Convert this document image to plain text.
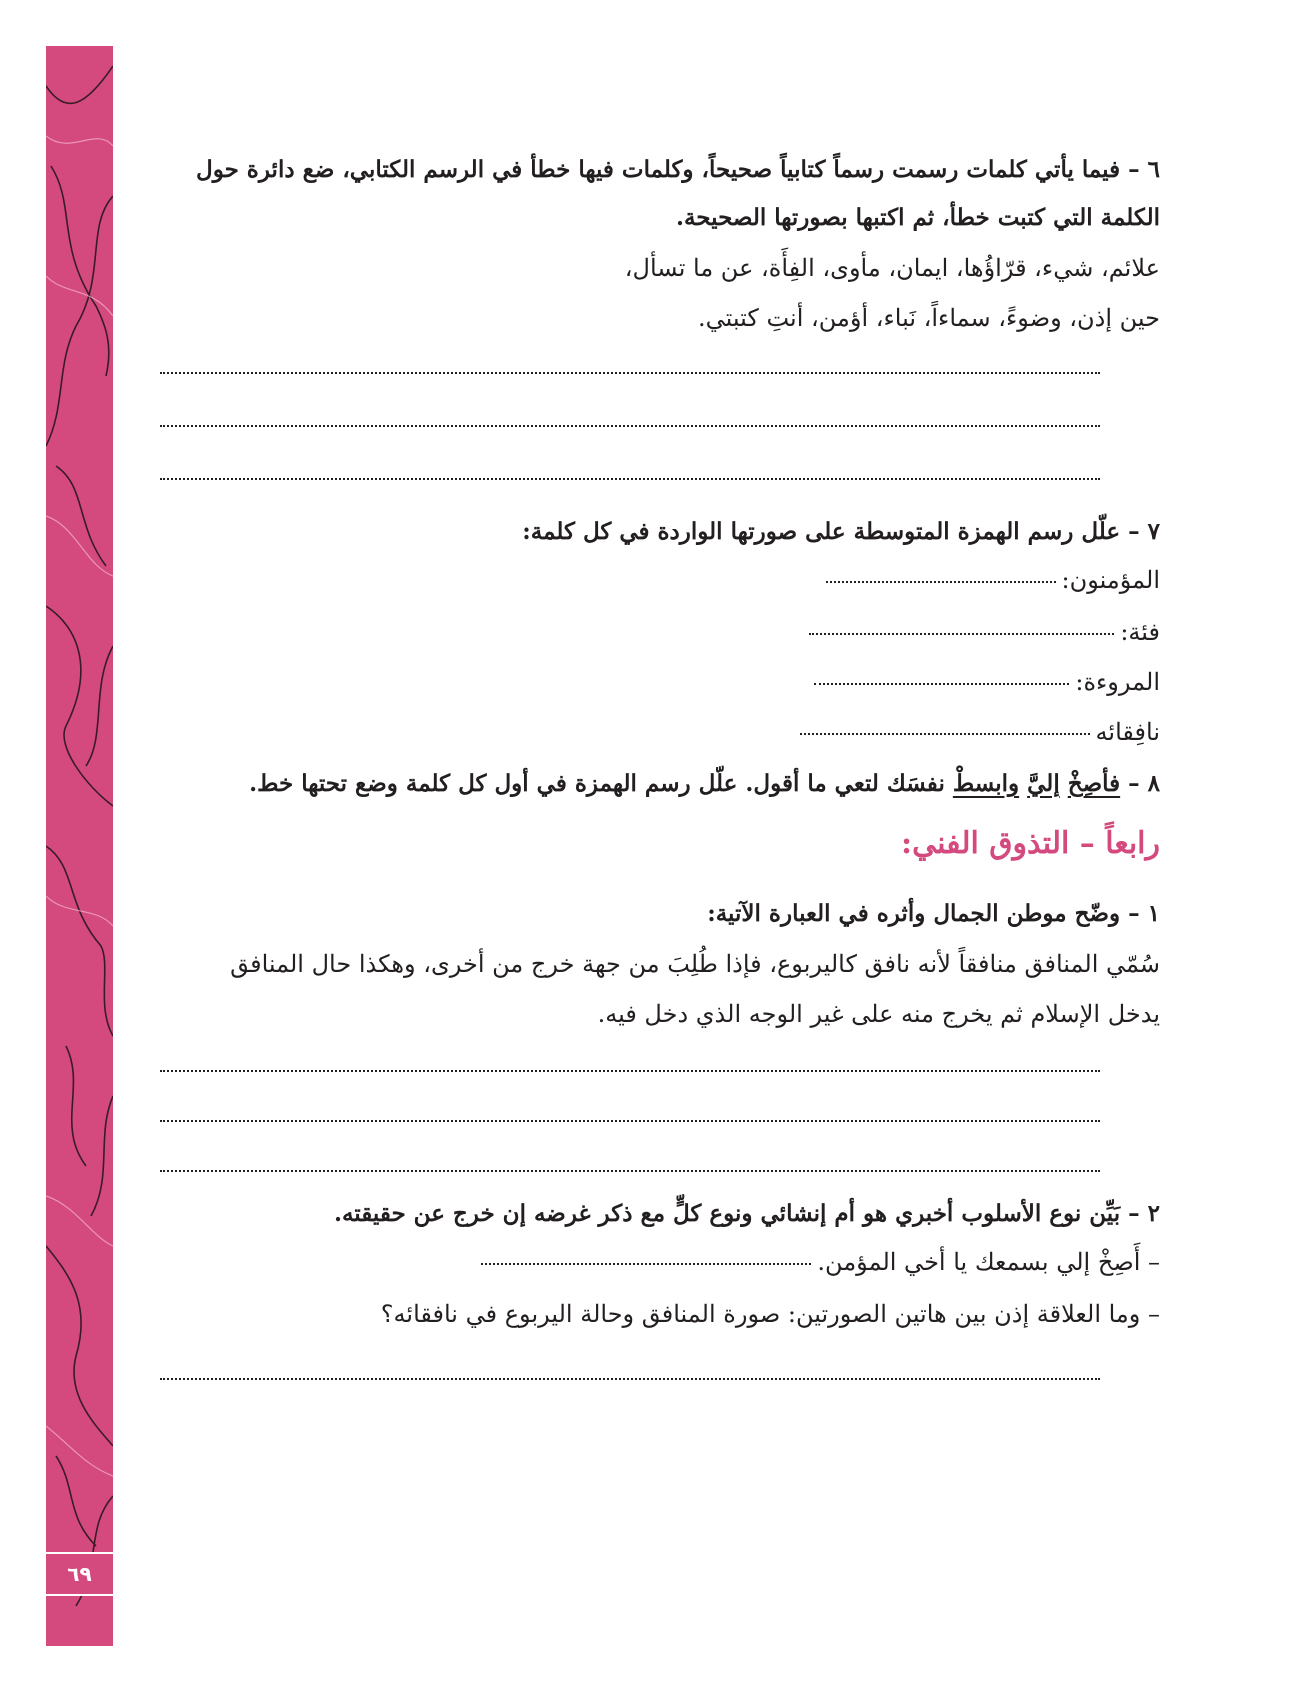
٦٩
٦ – فيما يأتي كلمات رسمت رسماً كتابياً صحيحاً، وكلمات فيها خطأ في الرسم الكتابي، ضع دائرة حول
الكلمة التي كتبت خطأ، ثم اكتبها بصورتها الصحيحة.
علائم، شيء، قرّاؤُها، ايمان، مأوى، الفِأَة، عن ما تسأل،
حين إذن، وضوءً، سماءاً، نَباء، أؤمن، أنتِ كتبتي.
٧ – علّل رسم الهمزة المتوسطة على صورتها الواردة في كل كلمة:
المؤمنون:
فئة:
المروءة:
نافِقائه
٨ – فأصِخْ إليَّ وابسطْ نفسَك لتعي ما أقول. علّل رسم الهمزة في أول كل كلمة وضع تحتها خط.
رابعاً – التذوق الفني:
١ – وضّح موطن الجمال وأثره في العبارة الآتية:
سُمّي المنافق منافقاً لأنه نافق كاليربوع، فإذا طُلِبَ من جهة خرج من أخرى، وهكذا حال المنافق
يدخل الإسلام ثم يخرج منه على غير الوجه الذي دخل فيه.
٢ – بَيِّن نوع الأسلوب أخبري هو أم إنشائي ونوع كلٍّ مع ذكر غرضه إن خرج عن حقيقته.
– أَصِخْ إلي بسمعك يا أخي المؤمن.
– وما العلاقة إذن بين هاتين الصورتين: صورة المنافق وحالة اليربوع في نافقائه؟
